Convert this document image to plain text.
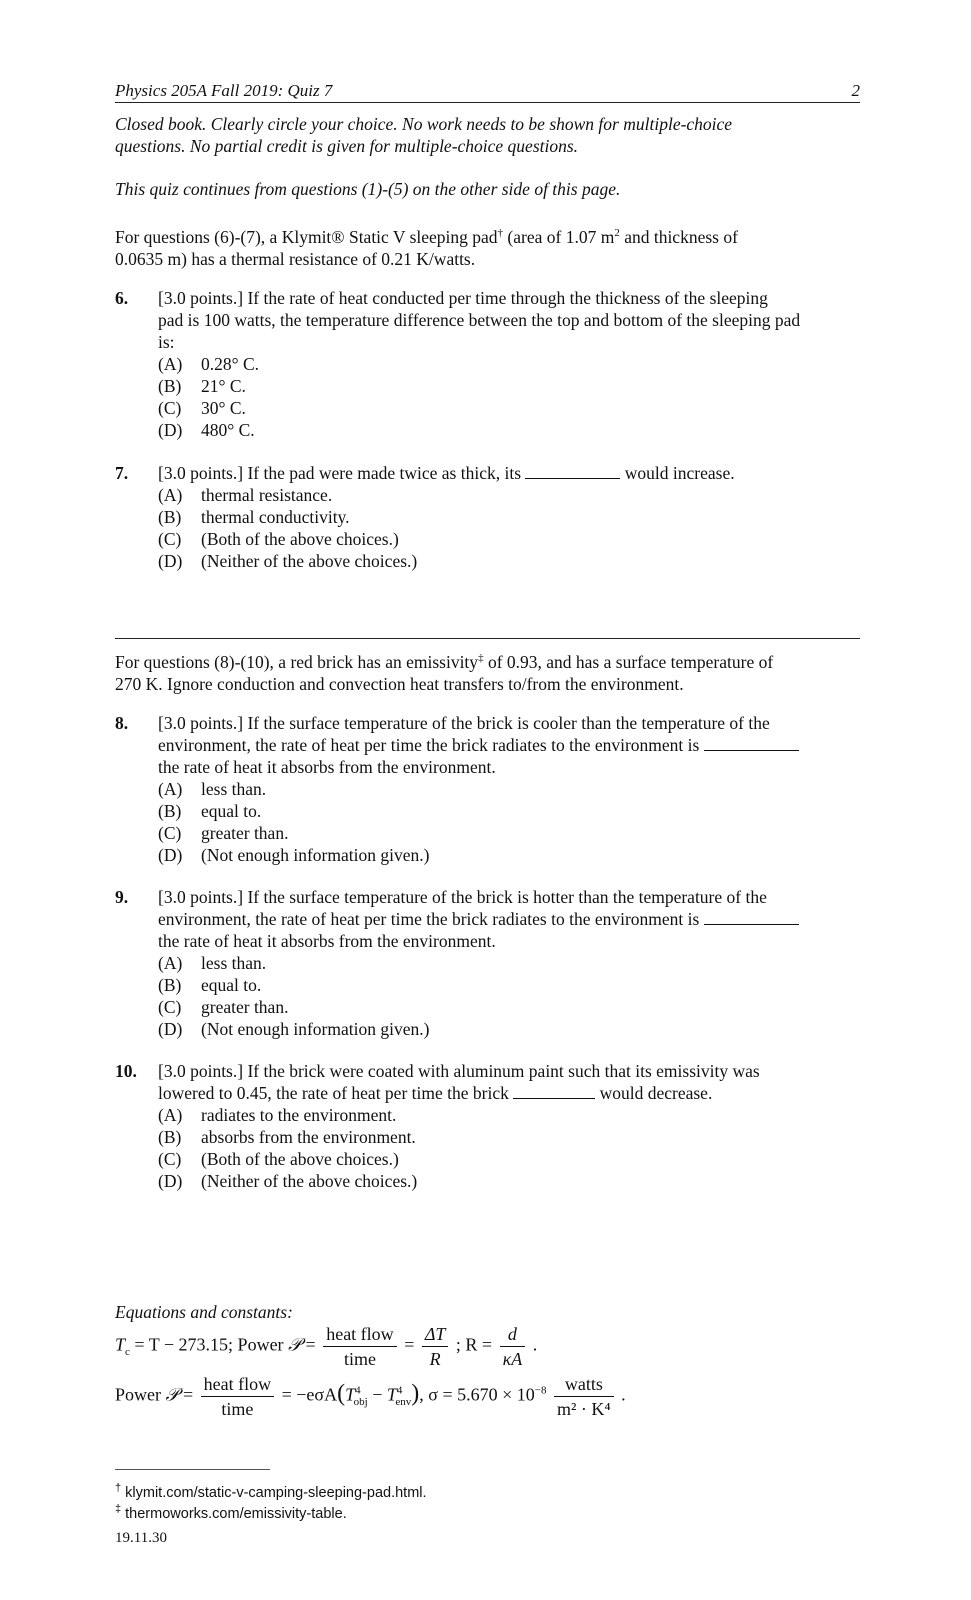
Physics 205A Fall 2019: Quiz 7	2
Closed book. Clearly circle your choice. No work needs to be shown for multiple-choice
questions. No partial credit is given for multiple-choice questions.
This quiz continues from questions (1)-(5) on the other side of this page.
For questions (6)-(7), a Klymit® Static V sleeping pad† (area of 1.07 $m^2$ and thickness of
0.0635 m) has a thermal resistance of 0.21 K/watts.
6. [3.0 points.] If the rate of heat conducted per time through the thickness of the sleeping
pad is 100 watts, the temperature difference between the top and bottom of the sleeping pad
is:
(A)	0.28° C.
(B)	21° C.
(C)	30° C.
(D)	480° C.
7. [3.0 points.] If the pad were made twice as thick, its	would increase.
(A)	thermal resistance.
(B)	thermal conductivity.
(C)	(Both of the above choices.)
(D)	(Neither of the above choices.)
For questions (8)-(10), a red brick has an emissivity‡ of 0.93, and has a surface temperature of
270 K. Ignore conduction and convection heat transfers to/from the environment.
8. [3.0 points.] If the surface temperature of the brick is cooler than the temperature of the
environment, the rate of heat per time the brick radiates to the environment is
the rate of heat it absorbs from the environment.
(A)	less than.
(B)	equal to.
(C)	greater than.
(D)	(Not enough information given.)
9. [3.0 points.] If the surface temperature of the brick is hotter than the temperature of the
environment, the rate of heat per time the brick radiates to the environment is
the rate of heat it absorbs from the environment.
(A)	less than.
(B)	equal to.
(C)	greater than.
(D)	(Not enough information given.)
10. [3.0 points.] If the brick were coated with aluminum paint such that its emissivity was
lowered to 0.45, the rate of heat per time the brick	would decrease.
(A)	radiates to the environment.
(B)	absorbs from the environment.
(C)	(Both of the above choices.)
(D)	(Neither of the above choices.)
Equations and constants:
$T_c = T - 273.15$; Power 𝒫 = $\frac{\text{heat flow}}{\text{time}} = \frac{\Delta T}{R}$ ; $R = \frac{d}{\kappa A}$ .
Power 𝒫 = $\frac{\text{heat flow}}{\text{time}} = -e\sigma A(T^4_{obj} - T^4_{env})$, $\sigma = 5.670 \times 10^{-8} \frac{\text{watts}}{\text{m² · K⁴}}$ .
† klymit.com/static-v-camping-sleeping-pad.html.
‡ thermoworks.com/emissivity-table.
19.11.30
